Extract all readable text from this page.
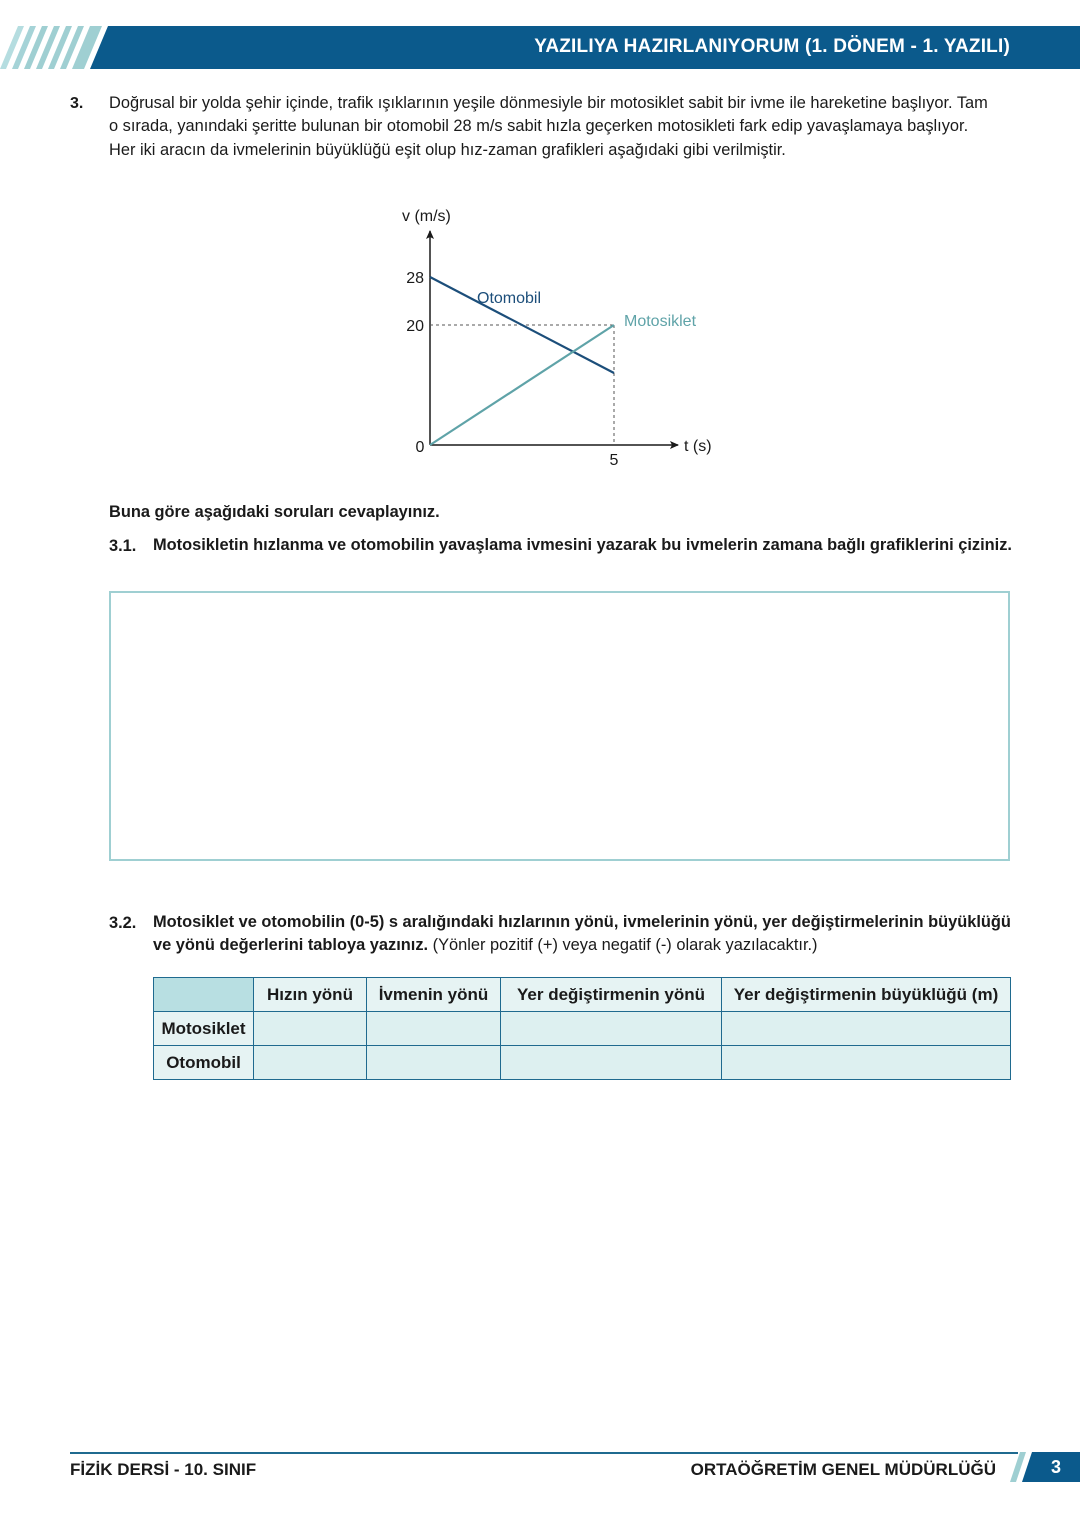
YAZILIYA HAZIRLANIYORUM (1. DÖNEM - 1. YAZILI)
3. Doğrusal bir yolda şehir içinde, trafik ışıklarının yeşile dönmesiyle bir motosiklet sabit bir ivme ile hareketine başlıyor. Tam o sırada, yanındaki şeritte bulunan bir otomobil 28 m/s sabit hızla geçerken motosikleti fark edip yavaşlamaya başlıyor. Her iki aracın da ivmelerinin büyüklüğü eşit olup hız-zaman grafikleri aşağıdaki gibi verilmiştir.
v (m/s)
t (s)
28
20
5
0
Otomobil
Motosiklet
Buna göre aşağıdaki soruları cevaplayınız.
3.1. Motosikletin hızlanma ve otomobilin yavaşlama ivmesini yazarak bu ivmelerin zamana bağlı grafiklerini çiziniz.
3.2. Motosiklet ve otomobilin (0-5) s aralığındaki hızlarının yönü, ivmelerinin yönü, yer değiştirmelerinin büyüklüğü ve yönü değerlerini tabloya yazınız. (Yönler pozitif (+) veya negatif (-) olarak yazılacaktır.)
	Hızın yönü	İvmenin yönü	Yer değiştirmenin yönü	Yer değiştirmenin büyüklüğü (m)
Motosiklet				
Otomobil				
FİZİK DERSİ - 10. SINIF	ORTAÖĞRETİM GENEL MÜDÜRLÜĞÜ	3
